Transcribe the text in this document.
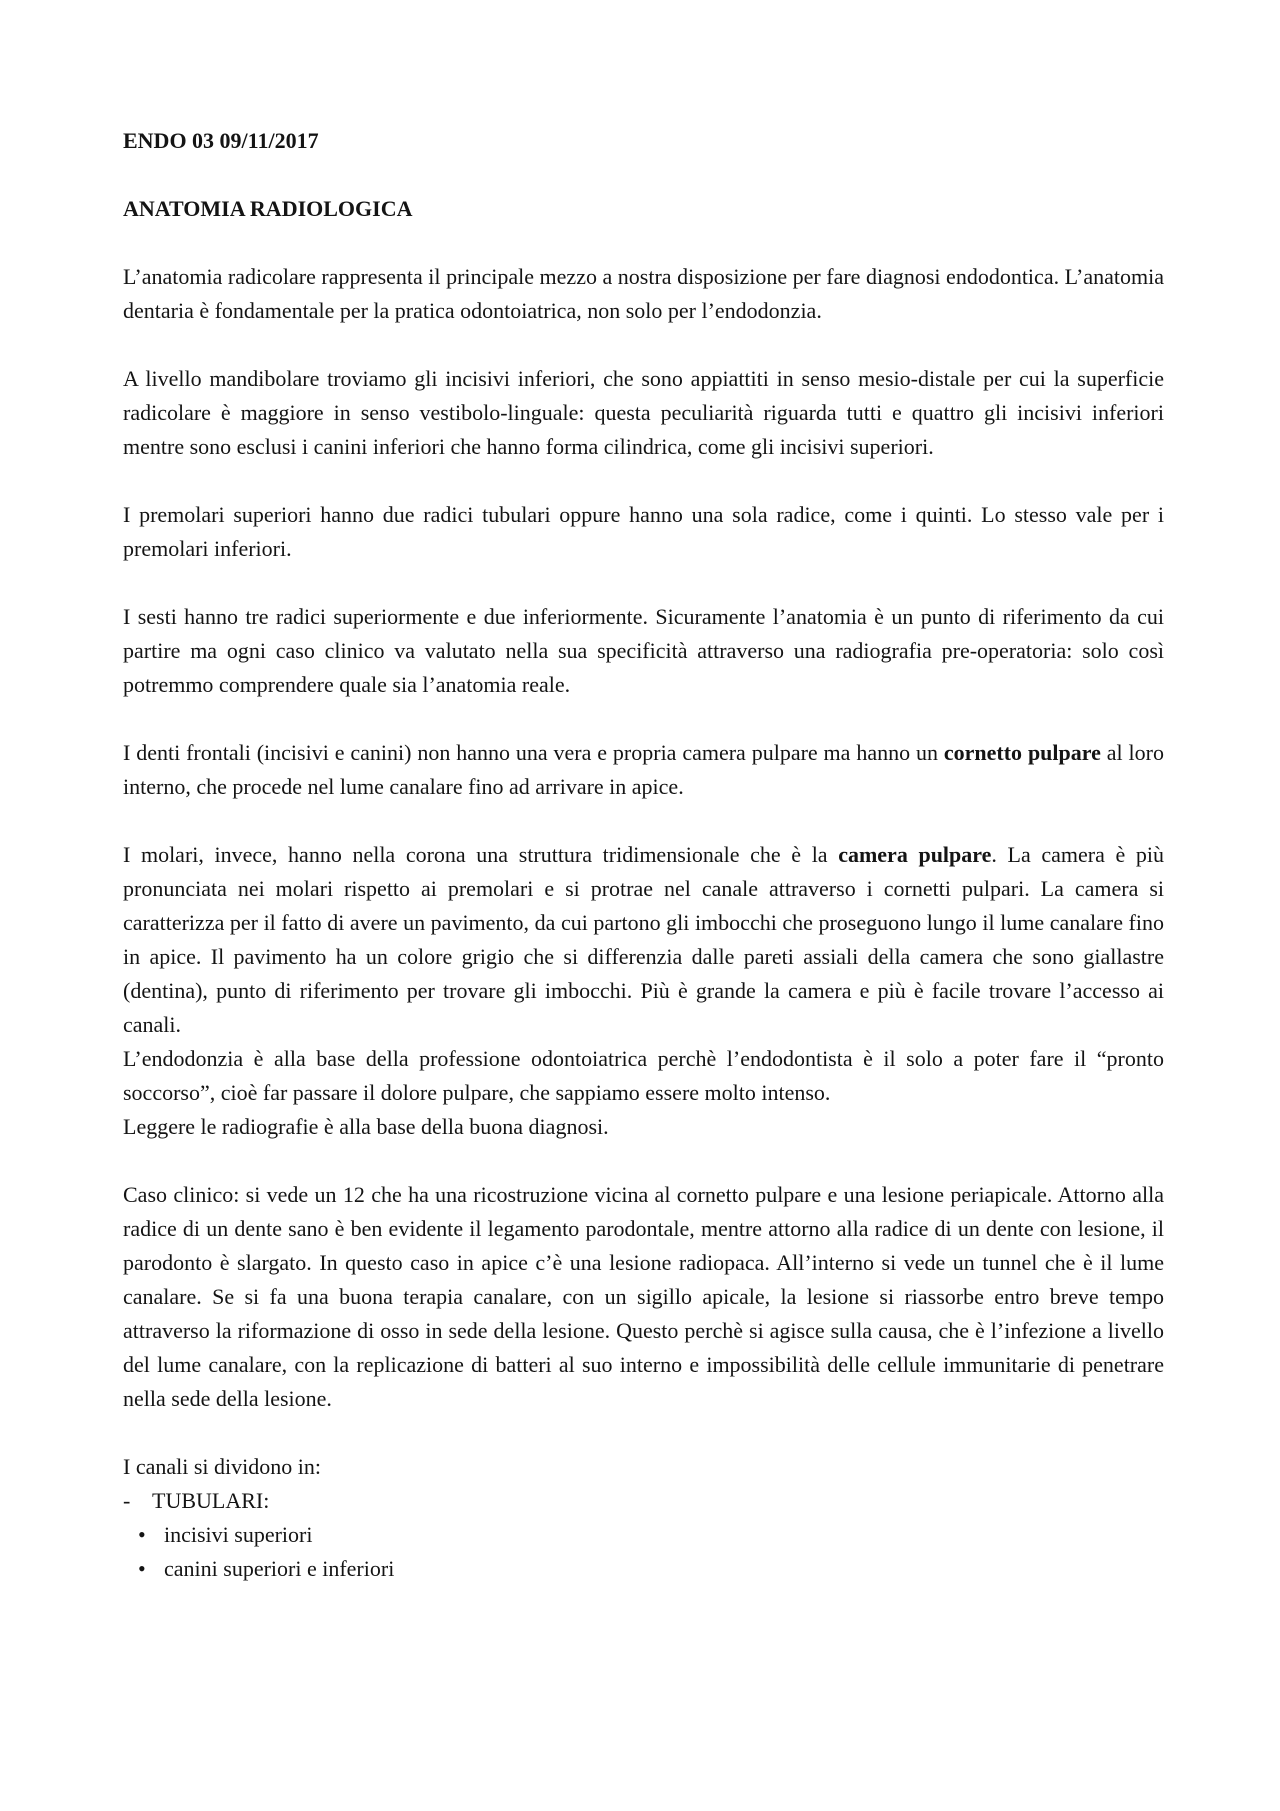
ENDO 03 09/11/2017
ANATOMIA RADIOLOGICA

L’anatomia radicolare rappresenta il principale mezzo a nostra disposizione per fare diagnosi endodontica. L’anatomia dentaria è fondamentale per la pratica odontoiatrica, non solo per l’endodonzia.

A livello mandibolare troviamo gli incisivi inferiori, che sono appiattiti in senso mesio-distale per cui la superficie radicolare è maggiore in senso vestibolo-linguale: questa peculiarità riguarda tutti e quattro gli incisivi inferiori mentre sono esclusi i canini inferiori che hanno forma cilindrica, come gli incisivi superiori.

I premolari superiori hanno due radici tubulari oppure hanno una sola radice, come i quinti. Lo stesso vale per i premolari inferiori.

I sesti hanno tre radici superiormente e due inferiormente. Sicuramente l’anatomia è un punto di riferimento da cui partire ma ogni caso clinico va valutato nella sua specificità attraverso una radiografia pre-operatoria: solo così potremmo comprendere quale sia l’anatomia reale.

I denti frontali (incisivi e canini) non hanno una vera e propria camera pulpare ma hanno un cornetto pulpare al loro interno, che procede nel lume canalare fino ad arrivare in apice.

I molari, invece, hanno nella corona una struttura tridimensionale che è la camera pulpare. La camera è più pronunciata nei molari rispetto ai premolari e si protrae nel canale attraverso i cornetti pulpari. La camera si caratterizza per il fatto di avere un pavimento, da cui partono gli imbocchi che proseguono lungo il lume canalare fino in apice. Il pavimento ha un colore grigio che si differenzia dalle pareti assiali della camera che sono giallastre (dentina), punto di riferimento per trovare gli imbocchi. Più è grande la camera e più è facile trovare l’accesso ai canali.

L’endodonzia è alla base della professione odontoiatrica perchè l’endodontista è il solo a poter fare il “pronto soccorso”, cioè far passare il dolore pulpare, che sappiamo essere molto intenso.

Leggere le radiografie è alla base della buona diagnosi.

Caso clinico: si vede un 12 che ha una ricostruzione vicina al cornetto pulpare e una lesione periapicale. Attorno alla radice di un dente sano è ben evidente il legamento parodontale, mentre attorno alla radice di un dente con lesione, il parodonto è slargato. In questo caso in apice c’è una lesione radiopaca. All’interno si vede un tunnel che è il lume canalare. Se si fa una buona terapia canalare, con un sigillo apicale, la lesione si riassorbe entro breve tempo attraverso la riformazione di osso in sede della lesione. Questo perchè si agisce sulla causa, che è l’infezione a livello del lume canalare, con la replicazione di batteri al suo interno e impossibilità delle cellule immunitarie di penetrare nella sede della lesione.

I canali si dividono in:
- TUBULARI:
• incisivi superiori
• canini superiori e inferiori
